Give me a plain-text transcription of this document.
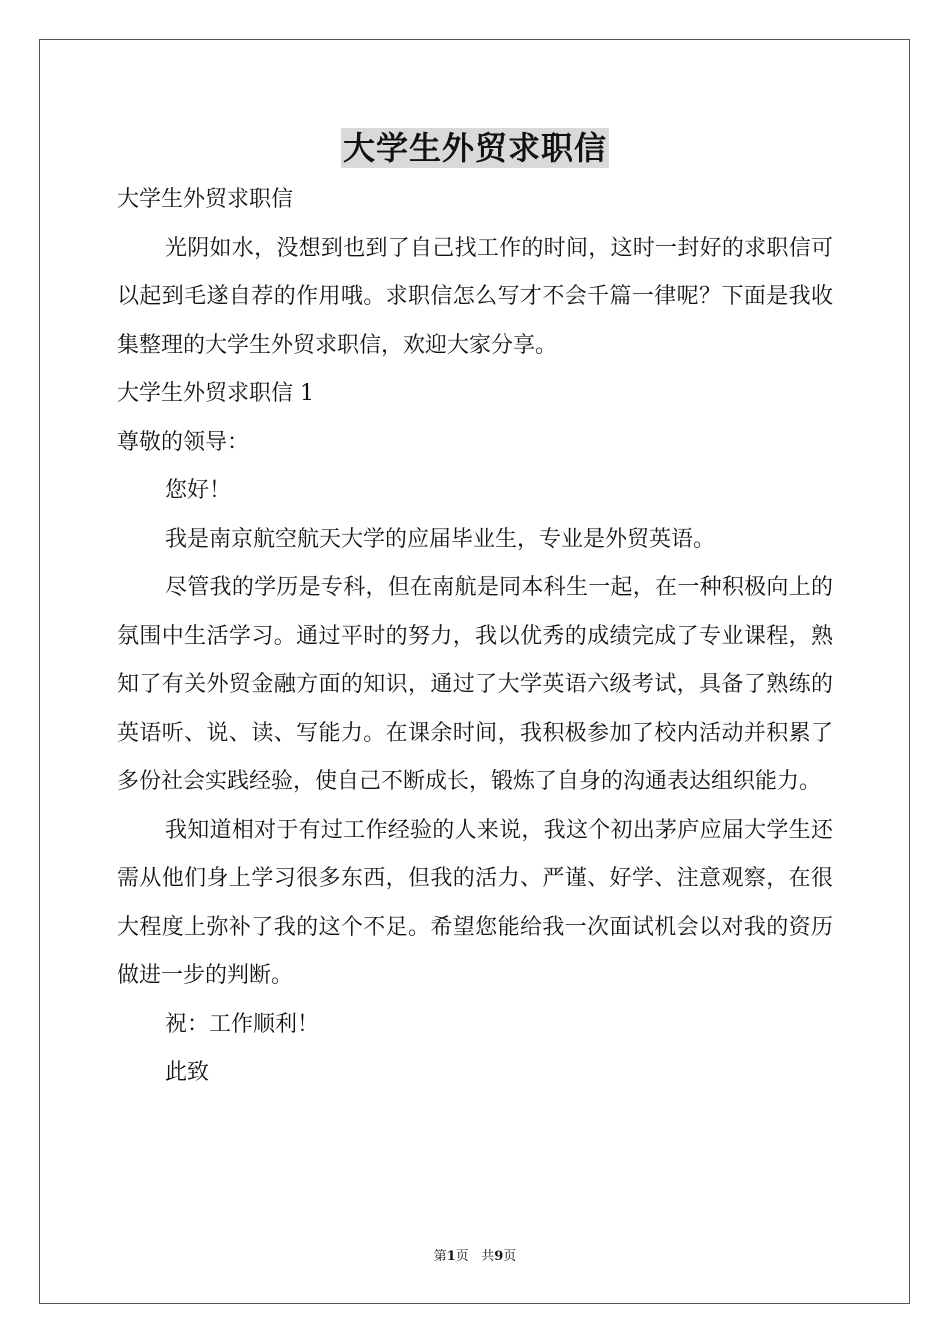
大学生外贸求职信

大学生外贸求职信

光阴如水，没想到也到了自己找工作的时间，这时一封好的求职信可以起到毛遂自荐的作用哦。求职信怎么写才不会千篇一律呢？下面是我收集整理的大学生外贸求职信，欢迎大家分享。

大学生外贸求职信 1

尊敬的领导：

您好！

我是南京航空航天大学的应届毕业生，专业是外贸英语。

尽管我的学历是专科，但在南航是同本科生一起，在一种积极向上的氛围中生活学习。通过平时的努力，我以优秀的成绩完成了专业课程，熟知了有关外贸金融方面的知识，通过了大学英语六级考试，具备了熟练的英语听、说、读、写能力。在课余时间，我积极参加了校内活动并积累了多份社会实践经验，使自己不断成长，锻炼了自身的沟通表达组织能力。

我知道相对于有过工作经验的人来说，我这个初出茅庐应届大学生还需从他们身上学习很多东西，但我的活力、严谨、好学、注意观察，在很大程度上弥补了我的这个不足。希望您能给我一次面试机会以对我的资历做进一步的判断。

祝：工作顺利！

此致

第1页 共9页
